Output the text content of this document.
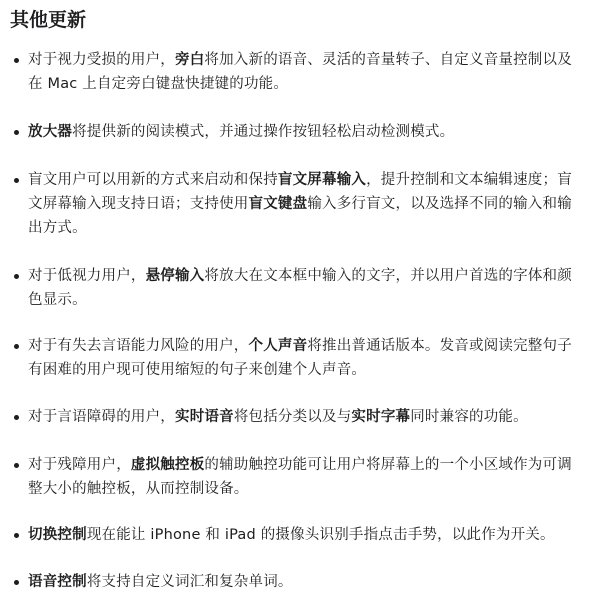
其他更新
对于视力受损的用户，旁白将加入新的语音、灵活的音量转子、自定义音量控制以及在 Mac 上自定旁白键盘快捷键的功能。
放大器将提供新的阅读模式，并通过操作按钮轻松启动检测模式。
盲文用户可以用新的方式来启动和保持盲文屏幕输入，提升控制和文本编辑速度；盲文屏幕输入现支持日语；支持使用盲文键盘输入多行盲文，以及选择不同的输入和输出方式。
对于低视力用户，悬停输入将放大在文本框中输入的文字，并以用户首选的字体和颜色显示。
对于有失去言语能力风险的用户，个人声音将推出普通话版本。发音或阅读完整句子有困难的用户现可使用缩短的句子来创建个人声音。
对于言语障碍的用户，实时语音将包括分类以及与实时字幕同时兼容的功能。
对于残障用户，虚拟触控板的辅助触控功能可让用户将屏幕上的一个小区域作为可调整大小的触控板，从而控制设备。
切换控制现在能让 iPhone 和 iPad 的摄像头识别手指点击手势，以此作为开关。
语音控制将支持自定义词汇和复杂单词。
